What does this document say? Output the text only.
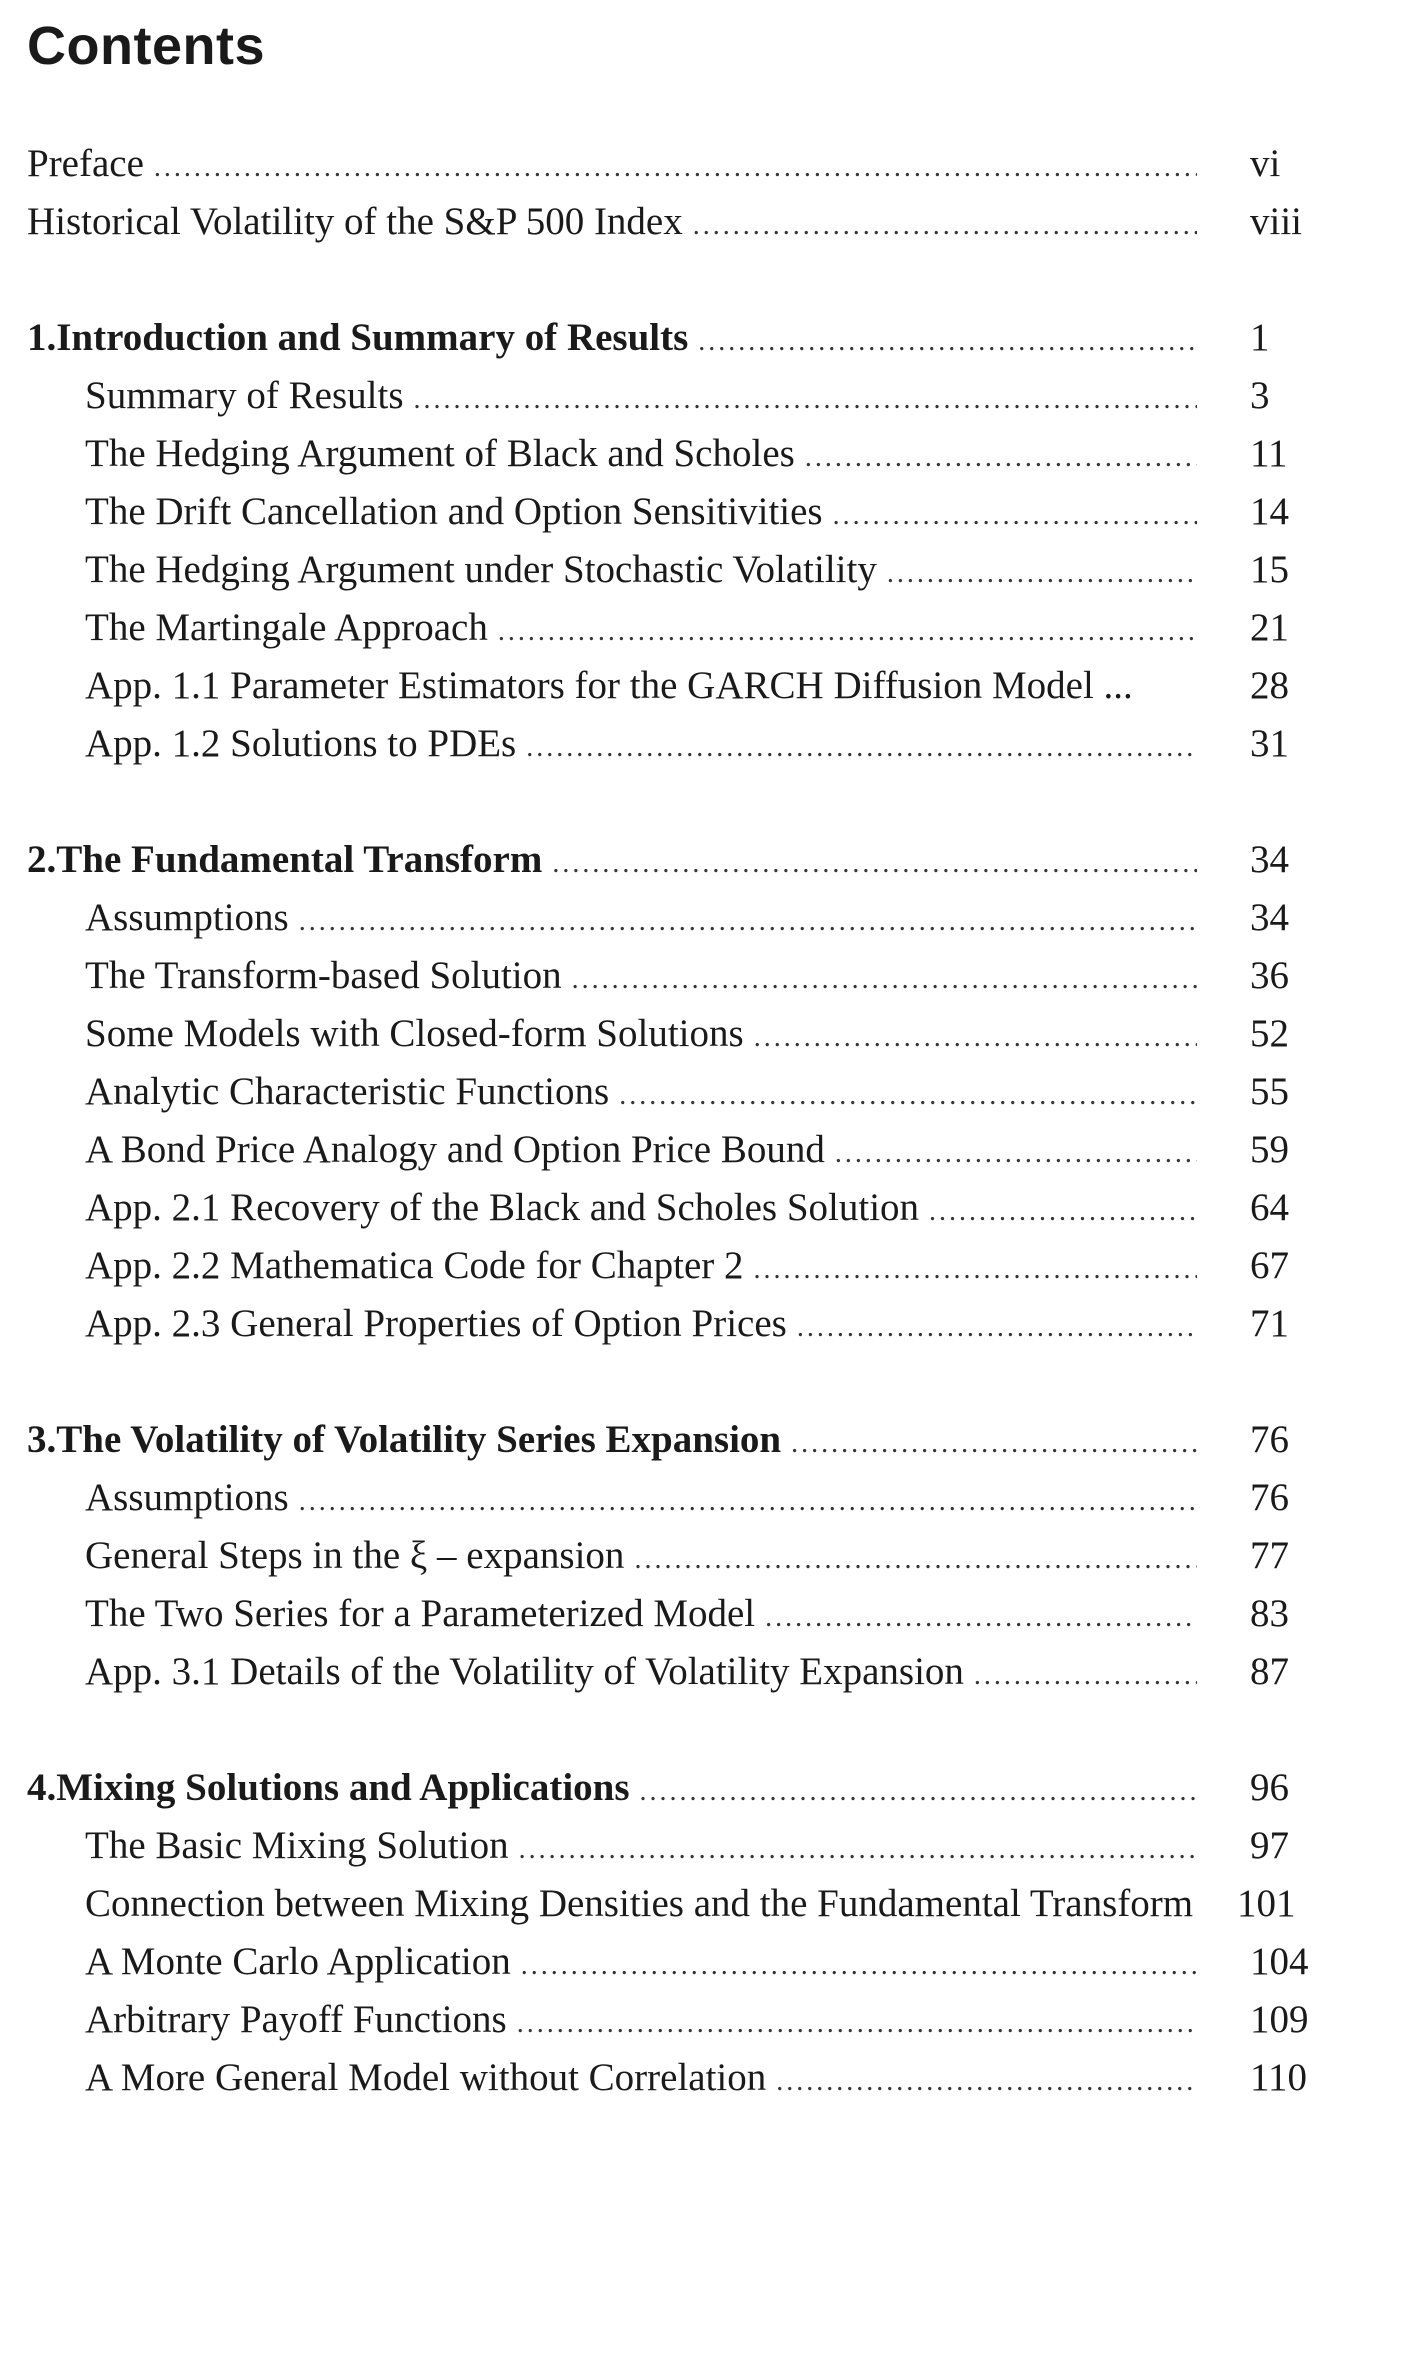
Contents
Preface .....	vi
Historical Volatility of the S&P 500 Index .....	viii
1. Introduction and Summary of Results .....	1
Summary of Results .....	3
The Hedging Argument of Black and Scholes .....	11
The Drift Cancellation and Option Sensitivities .....	14
The Hedging Argument under Stochastic Volatility .....	15
The Martingale Approach .....	21
App. 1.1 Parameter Estimators for the GARCH Diffusion Model ...	28
App. 1.2 Solutions to PDEs .....	31
2. The Fundamental Transform .....	34
Assumptions .....	34
The Transform-based Solution .....	36
Some Models with Closed-form Solutions .....	52
Analytic Characteristic Functions .....	55
A Bond Price Analogy and Option Price Bound .....	59
App. 2.1 Recovery of the Black and Scholes Solution .....	64
App. 2.2 Mathematica Code for Chapter 2 .....	67
App. 2.3 General Properties of Option Prices .....	71
3. The Volatility of Volatility Series Expansion .....	76
Assumptions .....	76
General Steps in the ξ – expansion .....	77
The Two Series for a Parameterized Model .....	83
App. 3.1 Details of the Volatility of Volatility Expansion .....	87
4. Mixing Solutions and Applications .....	96
The Basic Mixing Solution .....	97
Connection between Mixing Densities and the Fundamental Transform 101
A Monte Carlo Application .....	104
Arbitrary Payoff Functions .....	109
A More General Model without Correlation .....	110
